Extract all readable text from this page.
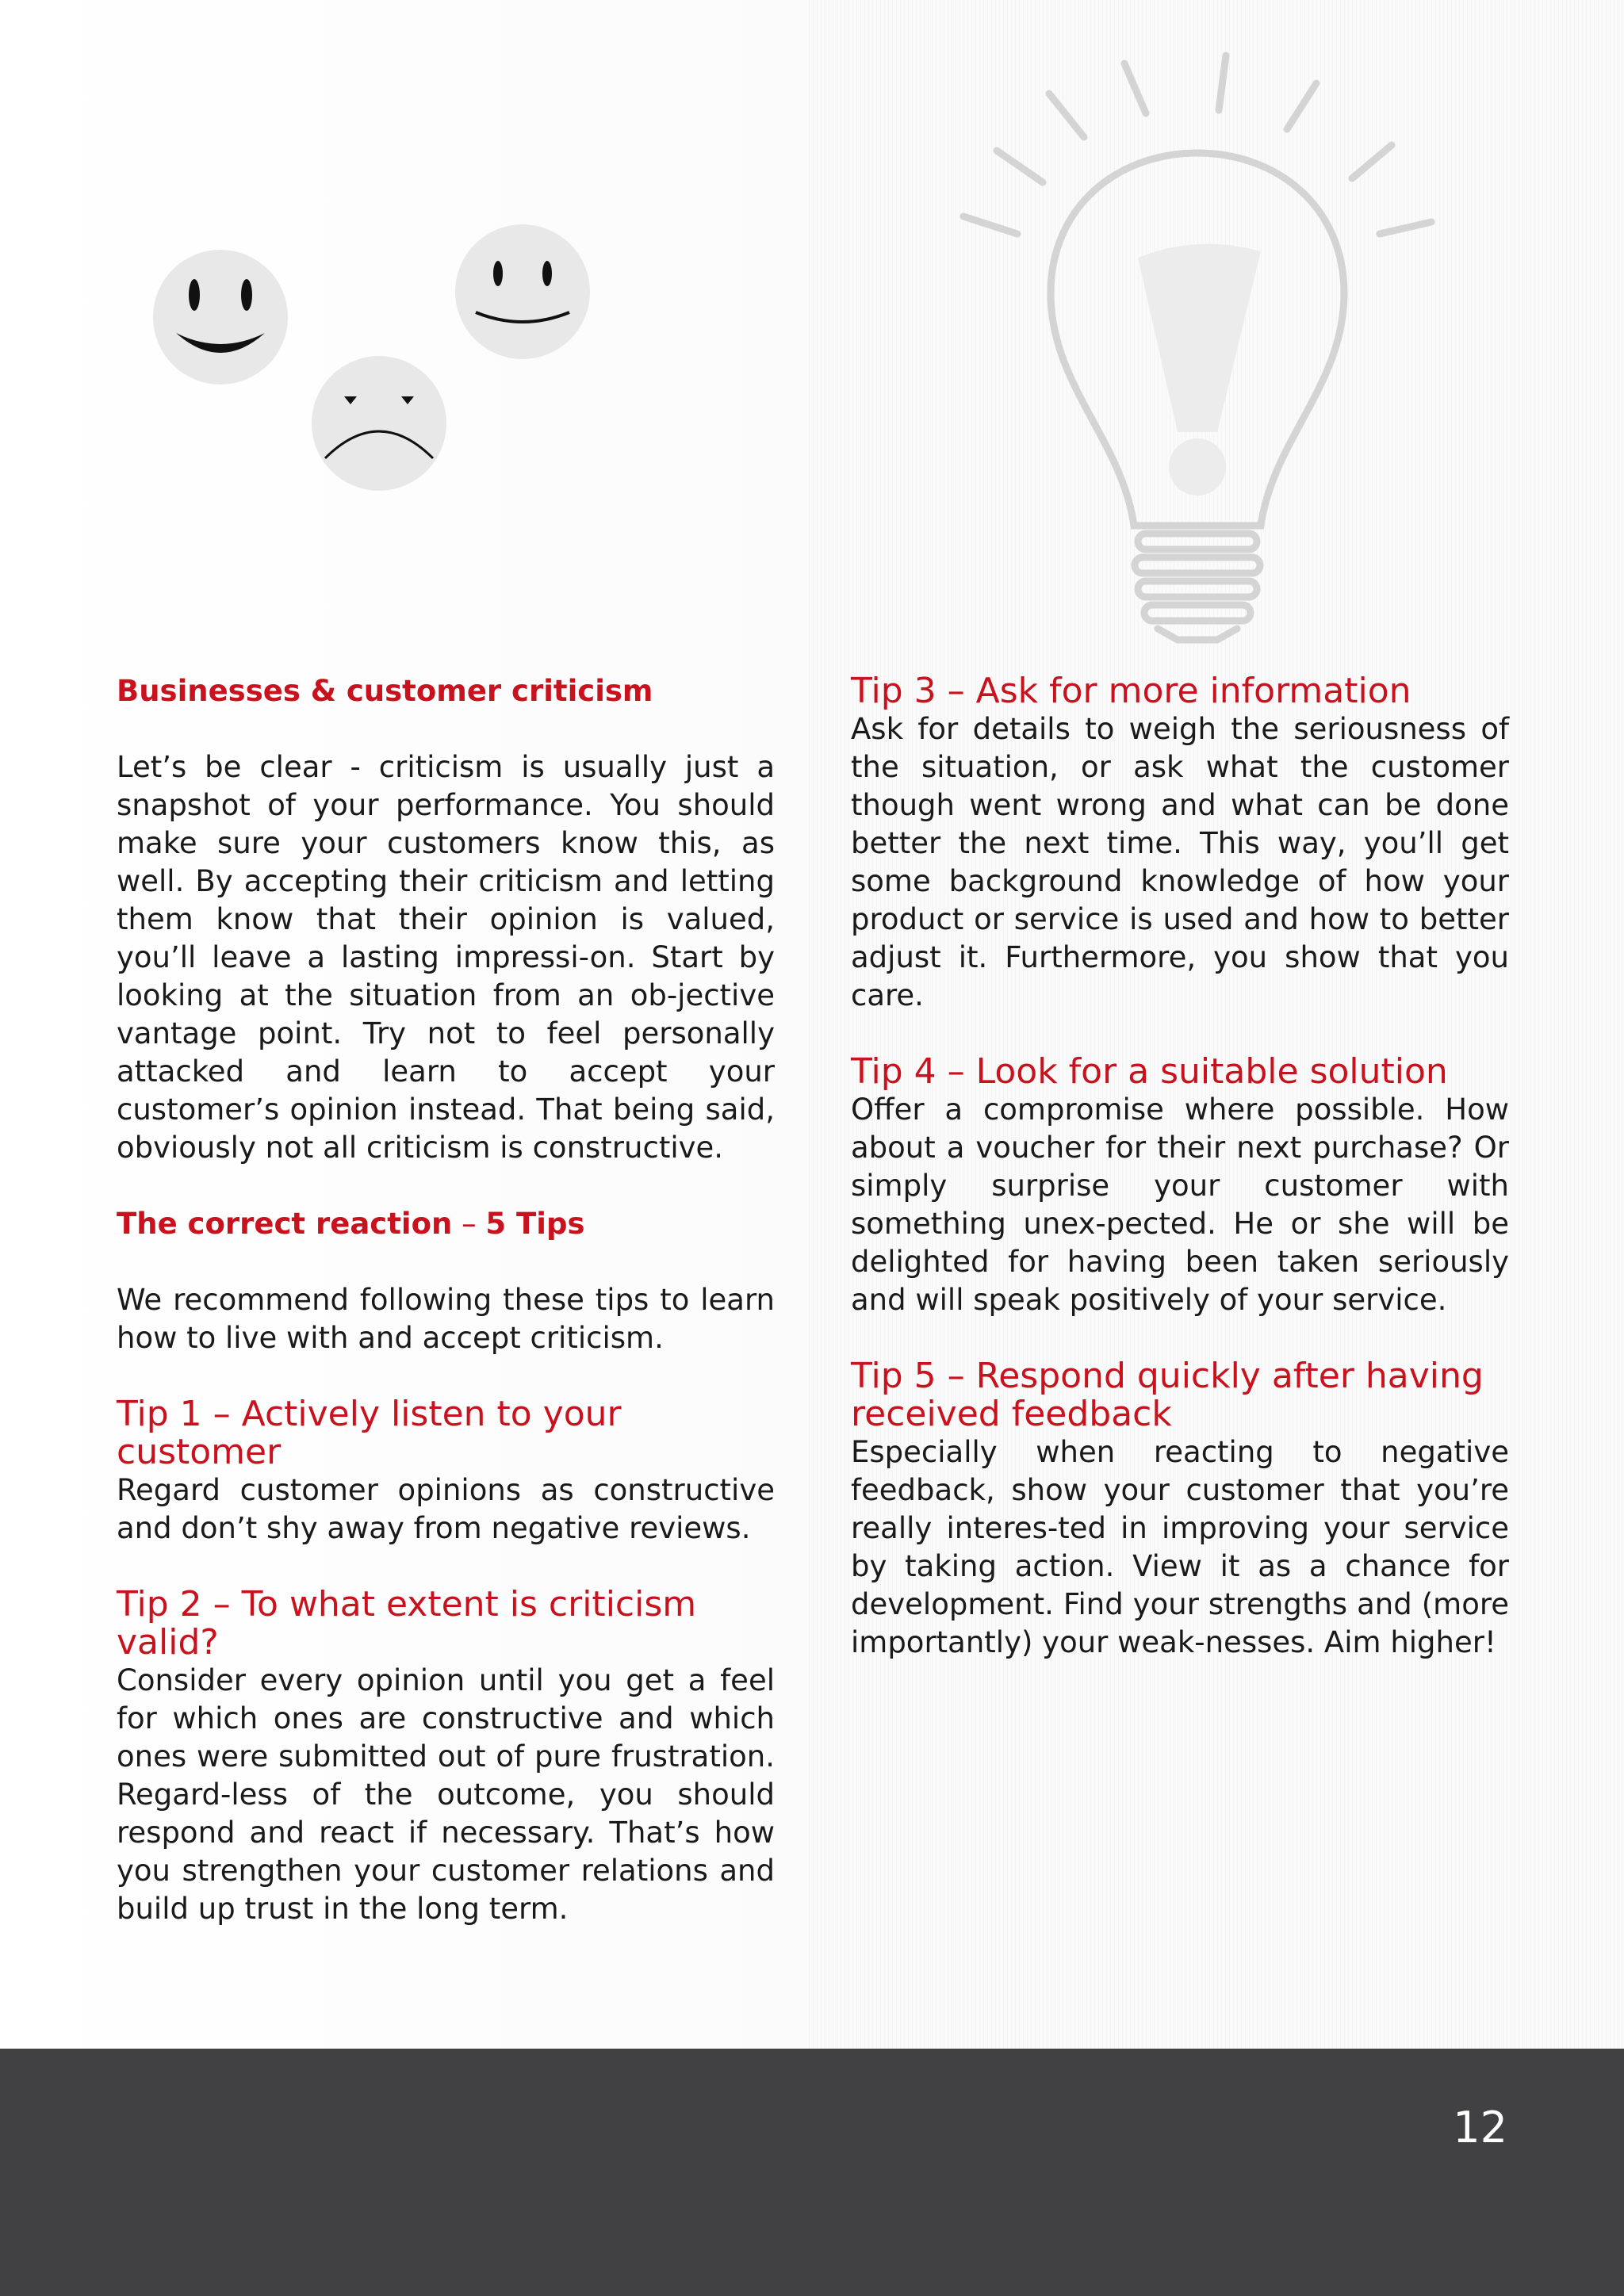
Businesses & customer criticism

Let’s be clear - criticism is usually just a snapshot of your performance. You should make sure your customers know this, as well. By accepting their criticism and letting them know that their opinion is valued, you’ll leave a lasting impressi-on. Start by looking at the situation from an ob-jective vantage point. Try not to feel personally attacked and learn to accept your customer’s opinion instead. That being said, obviously not all criticism is constructive.

The correct reaction – 5 Tips

We recommend following these tips to learn how to live with and accept criticism.

Tip 1 – Actively listen to your customer

Regard customer opinions as constructive and don’t shy away from negative reviews.

Tip 2 – To what extent is criticism valid?

Consider every opinion until you get a feel for which ones are constructive and which ones were submitted out of pure frustration. Regard-less of the outcome, you should respond and react if necessary. That’s how you strengthen your customer relations and build up trust in the long term.

Tip 3 – Ask for more information

Ask for details to weigh the seriousness of the situation, or ask what the customer though went wrong and what can be done better the next time. This way, you’ll get some background knowledge of how your product or service is used and how to better adjust it. Furthermore, you show that you care.

Tip 4 – Look for a suitable solution

Offer a compromise where possible. How about a voucher for their next purchase? Or simply surprise your customer with something unex-pected. He or she will be delighted for having been taken seriously and will speak positively of your service.

Tip 5 – Respond quickly after having
received feedback

Especially when reacting to negative feedback, show your customer that you’re really interes-ted in improving your service by taking action. View it as a chance for development. Find your strengths and (more importantly) your weak-nesses. Aim higher!

12
